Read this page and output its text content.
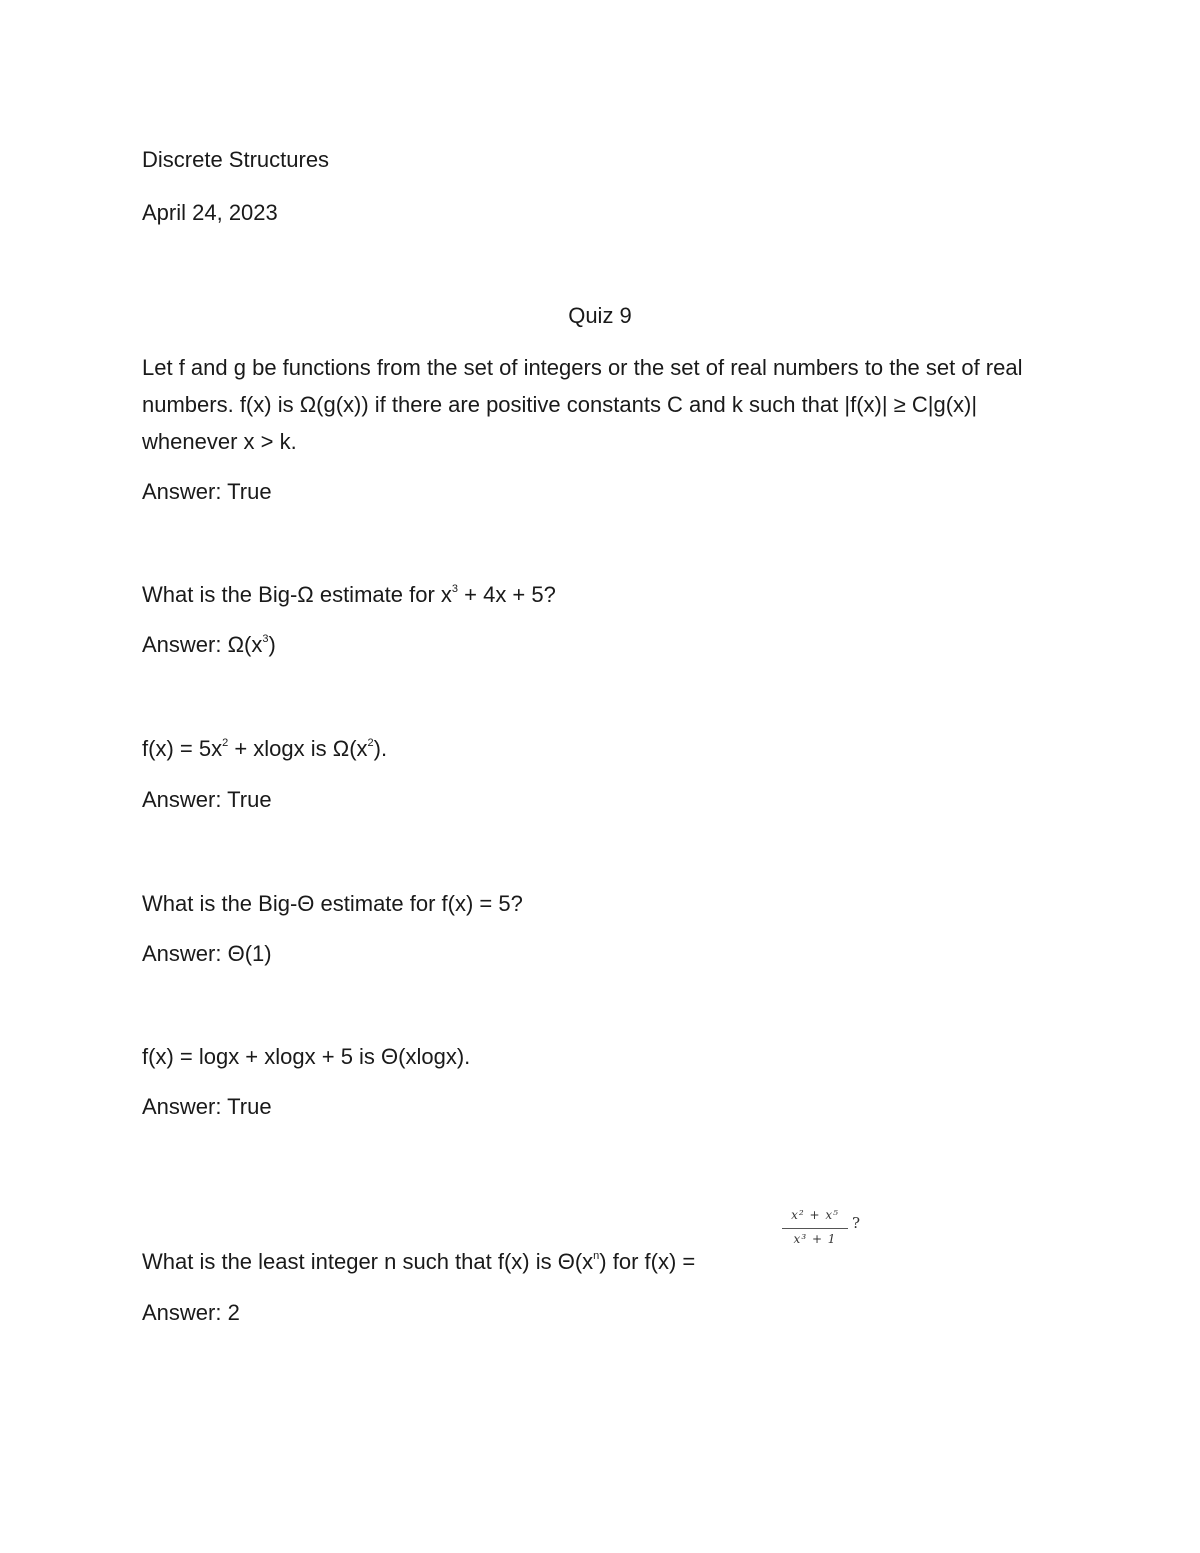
Discrete Structures
April 24, 2023
Quiz 9
Let f and g be functions from the set of integers or the set of real numbers to the set of real numbers. f(x) is Ω(g(x)) if there are positive constants C and k such that |f(x)| ≥ C|g(x)| whenever x > k.
Answer: True
What is the Big-Ω estimate for $x^3 + 4x + 5$?
Answer: $\Omega(x^3)$
$f(x) = 5x^2 + xlogx$ is $\Omega(x^2)$.
Answer: True
What is the Big-Θ estimate for f(x) = 5?
Answer: Θ(1)
f(x) = logx + xlogx + 5 is Θ(xlogx).
Answer: True
What is the least integer n such that f(x) is $\Theta(x^n)$ for f(x) =
x² + x⁵
x³ + 1
?
Answer: 2
